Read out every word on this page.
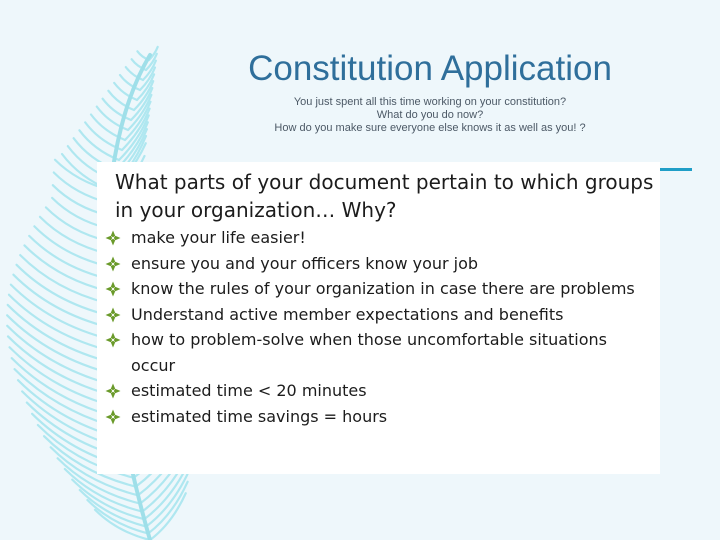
Constitution Application
You just spent all this time working on your constitution?
What do you do now?
How do you make sure everyone else knows it as well as you! ?
What parts of your document pertain to which groups in your organization… Why?
make your life easier!
ensure you and your officers know your job
know the rules of your organization in case there are problems
Understand active member expectations and benefits
how to problem-solve when those uncomfortable situations occur
estimated time < 20 minutes
estimated time savings = hours
